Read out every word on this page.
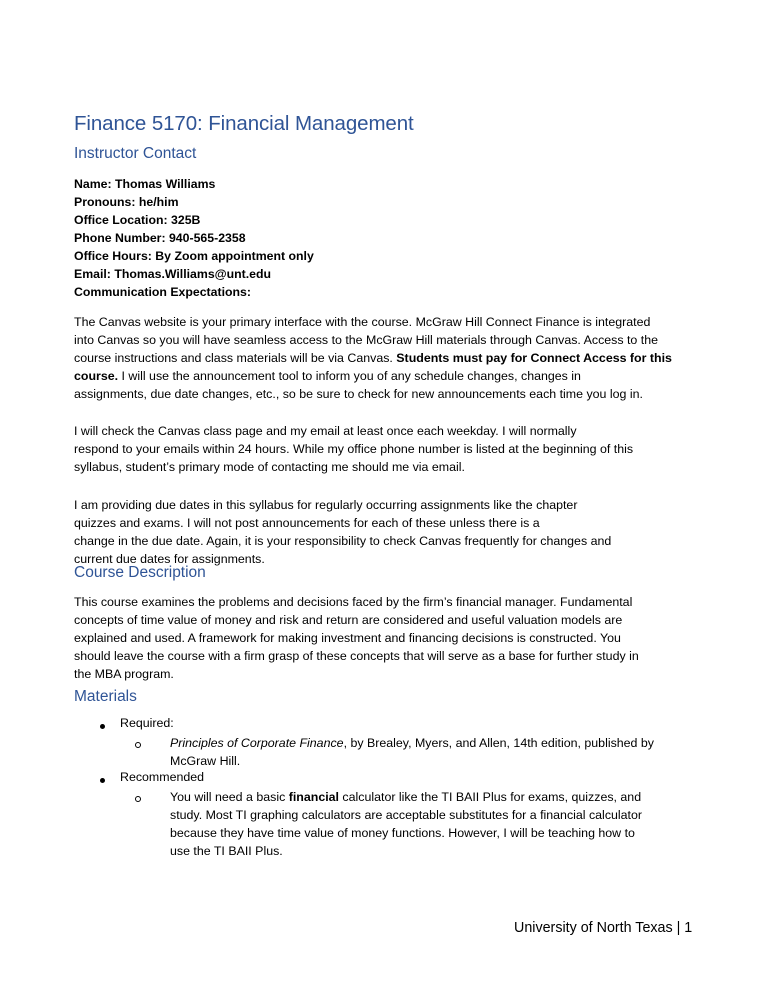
Finance 5170: Financial Management
Instructor Contact
Name: Thomas Williams
Pronouns: he/him
Office Location: 325B
Phone Number: 940-565-2358
Office Hours: By Zoom appointment only
Email: Thomas.Williams@unt.edu
Communication Expectations:
The Canvas website is your primary interface with the course. McGraw Hill Connect Finance is integrated
into Canvas so you will have seamless access to the McGraw Hill materials through Canvas. Access to the
course instructions and class materials will be via Canvas. Students must pay for Connect Access for this
course. I will use the announcement tool to inform you of any schedule changes, changes in
assignments, due date changes, etc., so be sure to check for new announcements each time you log in.
I will check the Canvas class page and my email at least once each weekday. I will normally
respond to your emails within 24 hours. While my office phone number is listed at the beginning of this
syllabus, student’s primary mode of contacting me should me via email.
I am providing due dates in this syllabus for regularly occurring assignments like the chapter
quizzes and exams. I will not post announcements for each of these unless there is a
change in the due date. Again, it is your responsibility to check Canvas frequently for changes and
current due dates for assignments.
Course Description
This course examines the problems and decisions faced by the firm’s financial manager. Fundamental
concepts of time value of money and risk and return are considered and useful valuation models are
explained and used. A framework for making investment and financing decisions is constructed. You
should leave the course with a firm grasp of these concepts that will serve as a base for further study in
the MBA program.
Materials
Required:
Principles of Corporate Finance, by Brealey, Myers, and Allen, 14th edition, published by
McGraw Hill.
Recommended
You will need a basic financial calculator like the TI BAII Plus for exams, quizzes, and
study. Most TI graphing calculators are acceptable substitutes for a financial calculator
because they have time value of money functions. However, I will be teaching how to
use the TI BAII Plus.
University of North Texas | 1
